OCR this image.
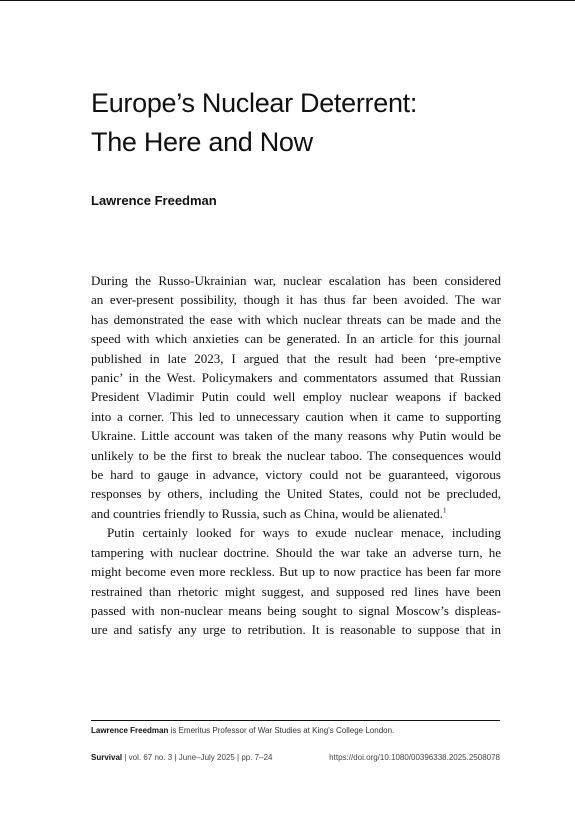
Europe’s Nuclear Deterrent:
The Here and Now
Lawrence Freedman
During the Russo-Ukrainian war, nuclear escalation has been considered
an ever-present possibility, though it has thus far been avoided. The war
has demonstrated the ease with which nuclear threats can be made and the
speed with which anxieties can be generated. In an article for this journal
published in late 2023, I argued that the result had been ‘pre-emptive
panic’ in the West. Policymakers and commentators assumed that Russian
President Vladimir Putin could well employ nuclear weapons if backed
into a corner. This led to unnecessary caution when it came to supporting
Ukraine. Little account was taken of the many reasons why Putin would be
unlikely to be the first to break the nuclear taboo. The consequences would
be hard to gauge in advance, victory could not be guaranteed, vigorous
responses by others, including the United States, could not be precluded,
and countries friendly to Russia, such as China, would be alienated.$^1$
Putin certainly looked for ways to exude nuclear menace, including
tampering with nuclear doctrine. Should the war take an adverse turn, he
might become even more reckless. But up to now practice has been far more
restrained than rhetoric might suggest, and supposed red lines have been
passed with non-nuclear means being sought to signal Moscow’s displeas-
ure and satisfy any urge to retribution. It is reasonable to suppose that in
Lawrence Freedman is Emeritus Professor of War Studies at King’s College London.
Survival | vol. 67 no. 3 | June–July 2025 | pp. 7–24	https://doi.org/10.1080/00396338.2025.2508078
